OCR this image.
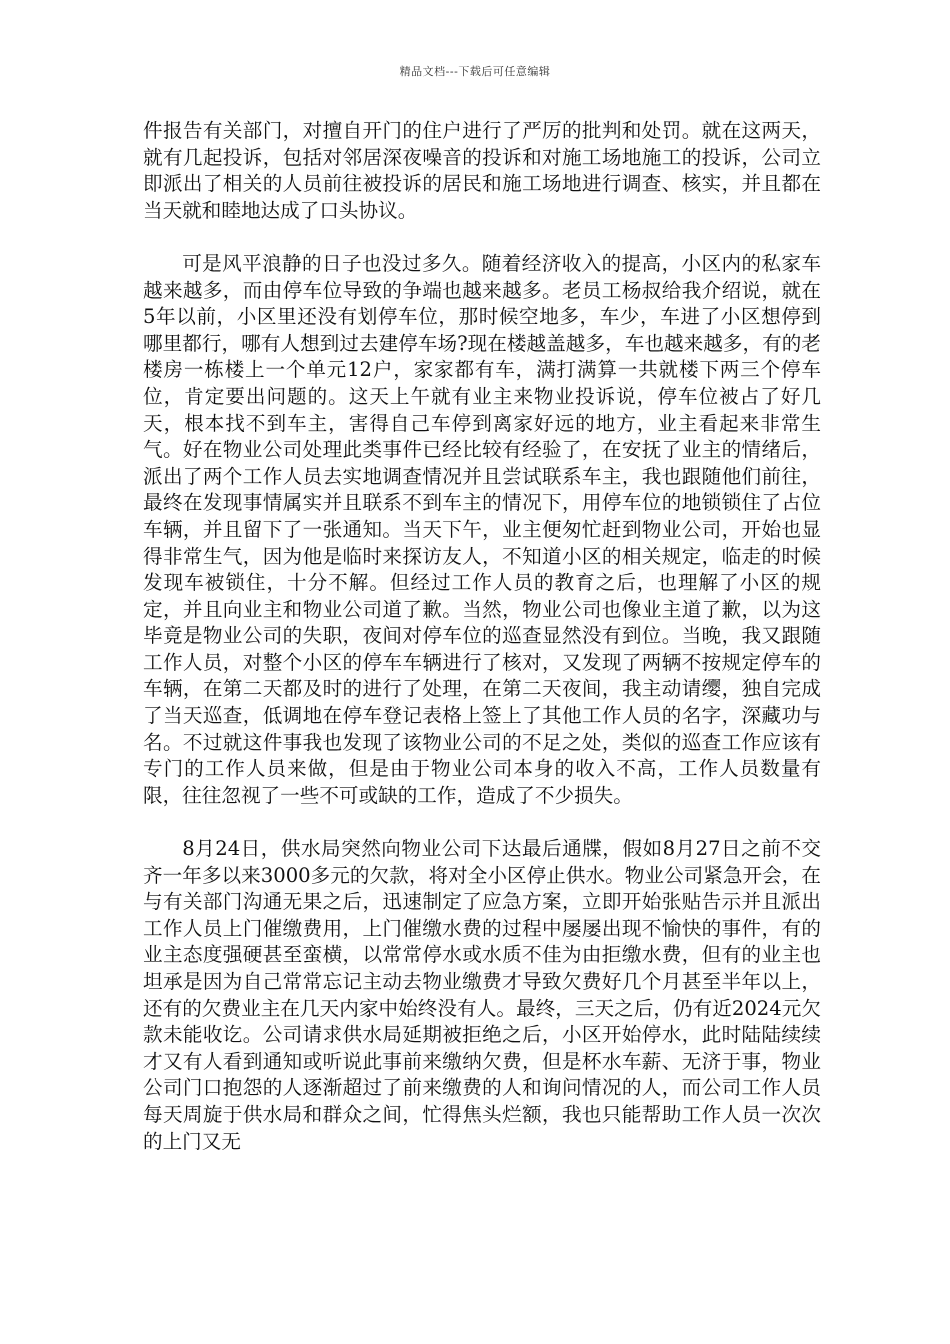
精品文档---下载后可任意编辑

件报告有关部门，对擅自开门的住户进行了严厉的批判和处罚。就在这两天，就有几起投诉，包括对邻居深夜噪音的投诉和对施工场地施工的投诉，公司立即派出了相关的人员前往被投诉的居民和施工场地进行调查、核实，并且都在当天就和睦地达成了口头协议。

可是风平浪静的日子也没过多久。随着经济收入的提高，小区内的私家车越来越多，而由停车位导致的争端也越来越多。老员工杨叔给我介绍说，就在5年以前，小区里还没有划停车位，那时候空地多，车少，车进了小区想停到哪里都行，哪有人想到过去建停车场?现在楼越盖越多，车也越来越多，有的老楼房一栋楼上一个单元12户，家家都有车，满打满算一共就楼下两三个停车位，肯定要出问题的。这天上午就有业主来物业投诉说，停车位被占了好几天，根本找不到车主，害得自己车停到离家好远的地方，业主看起来非常生气。好在物业公司处理此类事件已经比较有经验了，在安抚了业主的情绪后，派出了两个工作人员去实地调查情况并且尝试联系车主，我也跟随他们前往，最终在发现事情属实并且联系不到车主的情况下，用停车位的地锁锁住了占位车辆，并且留下了一张通知。当天下午，业主便匆忙赶到物业公司，开始也显得非常生气，因为他是临时来探访友人，不知道小区的相关规定，临走的时候发现车被锁住，十分不解。但经过工作人员的教育之后，也理解了小区的规定，并且向业主和物业公司道了歉。当然，物业公司也像业主道了歉，以为这毕竟是物业公司的失职，夜间对停车位的巡查显然没有到位。当晚，我又跟随工作人员，对整个小区的停车车辆进行了核对，又发现了两辆不按规定停车的车辆，在第二天都及时的进行了处理，在第二天夜间，我主动请缨，独自完成了当天巡查，低调地在停车登记表格上签上了其他工作人员的名字，深藏功与名。不过就这件事我也发现了该物业公司的不足之处，类似的巡查工作应该有专门的工作人员来做，但是由于物业公司本身的收入不高，工作人员数量有限，往往忽视了一些不可或缺的工作，造成了不少损失。

8月24日，供水局突然向物业公司下达最后通牒，假如8月27日之前不交齐一年多以来3000多元的欠款，将对全小区停止供水。物业公司紧急开会，在与有关部门沟通无果之后，迅速制定了应急方案，立即开始张贴告示并且派出工作人员上门催缴费用，上门催缴水费的过程中屡屡出现不愉快的事件，有的业主态度强硬甚至蛮横，以常常停水或水质不佳为由拒缴水费，但有的业主也坦承是因为自己常常忘记主动去物业缴费才导致欠费好几个月甚至半年以上，还有的欠费业主在几天内家中始终没有人。最终，三天之后，仍有近2024元欠款未能收讫。公司请求供水局延期被拒绝之后，小区开始停水，此时陆陆续续才又有人看到通知或听说此事前来缴纳欠费，但是杯水车薪、无济于事，物业公司门口抱怨的人逐渐超过了前来缴费的人和询问情况的人，而公司工作人员每天周旋于供水局和群众之间，忙得焦头烂额，我也只能帮助工作人员一次次的上门又无
